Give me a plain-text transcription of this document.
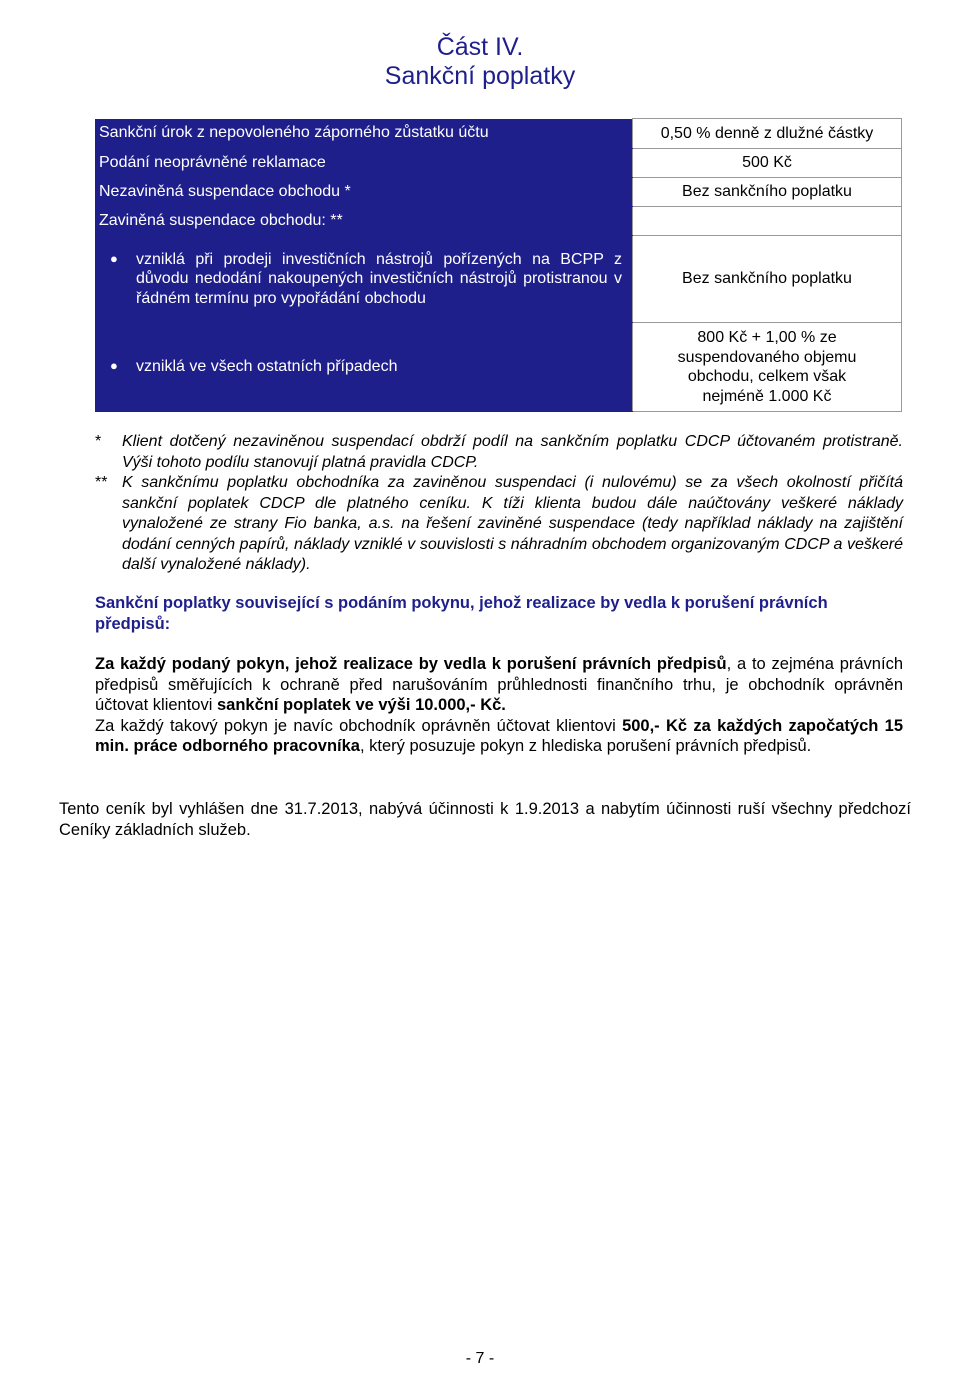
Část IV.
Sankční poplatky
Sankční úrok z nepovoleného záporného zůstatku účtu	0,50 % denně z dlužné částky
Podání neoprávněné reklamace	500 Kč
Nezaviněná suspendace obchodu *	Bez sankčního poplatku
Zaviněná suspendace obchodu: **	

● vzniklá při prodeji investičních nástrojů pořízených na BCPP z důvodu nedodání nakoupených investičních nástrojů protistranou v řádném termínu pro vypořádání obchodu	Bez sankčního poplatku

● vzniklá ve všech ostatních případech	800 Kč + 1,00 % ze suspendovaného objemu obchodu, celkem však nejméně 1.000 Kč
*	Klient dotčený nezaviněnou suspendací obdrží podíl na sankčním poplatku CDCP účtovaném protistraně. Výši tohoto podílu stanovují platná pravidla CDCP.
** K sankčnímu poplatku obchodníka za zaviněnou suspendaci (i nulovému) se za všech okolností přičítá sankční poplatek CDCP dle platného ceníku. K tíži klienta budou dále naúčtovány veškeré náklady vynaložené ze strany Fio banka, a.s. na řešení zaviněné suspendace (tedy například náklady na zajištění dodání cenných papírů, náklady vzniklé v souvislosti s náhradním obchodem organizovaným CDCP a veškeré další vynaložené náklady).
Sankční poplatky související s podáním pokynu, jehož realizace by vedla k porušení právních předpisů:

Za každý podaný pokyn, jehož realizace by vedla k porušení právních předpisů, a to zejména právních předpisů směřujících k ochraně před narušováním průhlednosti finančního trhu, je obchodník oprávněn účtovat klientovi sankční poplatek ve výši 10.000,- Kč.

Za každý takový pokyn je navíc obchodník oprávněn účtovat klientovi 500,- Kč za každých započatých 15 min. práce odborného pracovníka, který posuzuje pokyn z hlediska porušení právních předpisů.

Tento ceník byl vyhlášen dne 31.7.2013, nabývá účinnosti k 1.9.2013 a nabytím účinnosti ruší všechny předchozí Ceníky základních služeb.
- 7 -
